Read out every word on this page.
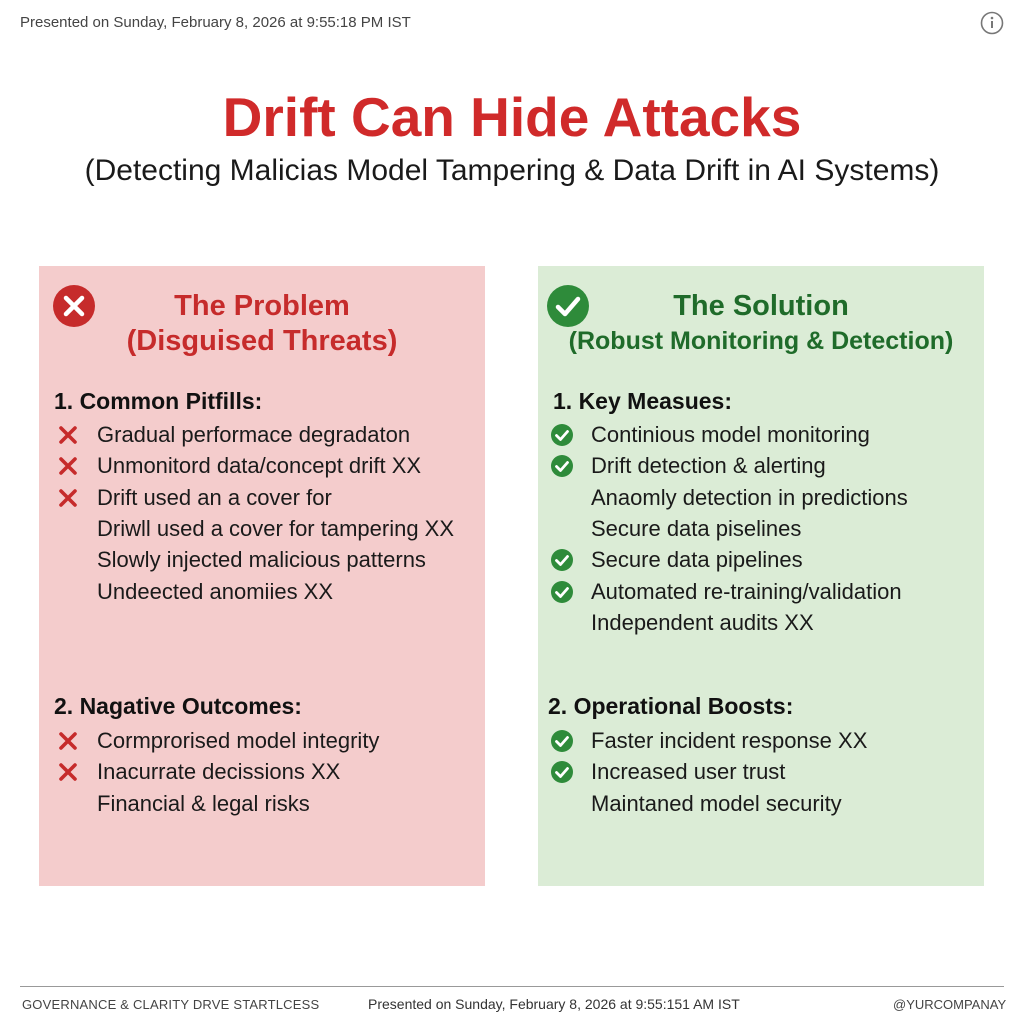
Presented on Sunday, February 8, 2026 at 9:55:18 PM IST
Drift Can Hide Attacks
(Detecting Malicias Model Tampering & Data Drift in AI Systems)
The Problem
(Disguised Threats)
1. Common Pitfills:
Gradual performace degradaton
Unmonitord data/concept drift XX
Drift used an a cover for
Driwll used a cover for tampering XX
Slowly injected malicious patterns
Undeected anomiies XX
2. Nagative Outcomes:
Cormprorised model integrity
Inacurrate decissions XX
Financial & legal risks
The Solution
(Robust Monitoring & Detection)
1. Key Measues:
Continious model monitoring
Drift detection & alerting
Anaomly detection in predictions
Secure data piselines
Secure data pipelines
Automated re-training/validation
Independent audits XX
2. Operational Boosts:
Faster incident response XX
Increased user trust
Maintaned model security
GOVERNANCE & CLARITY DRVE STARTLCESS	Presented on Sunday, February 8, 2026 at 9:55:151 AM IST	@YURCOMPANAY
